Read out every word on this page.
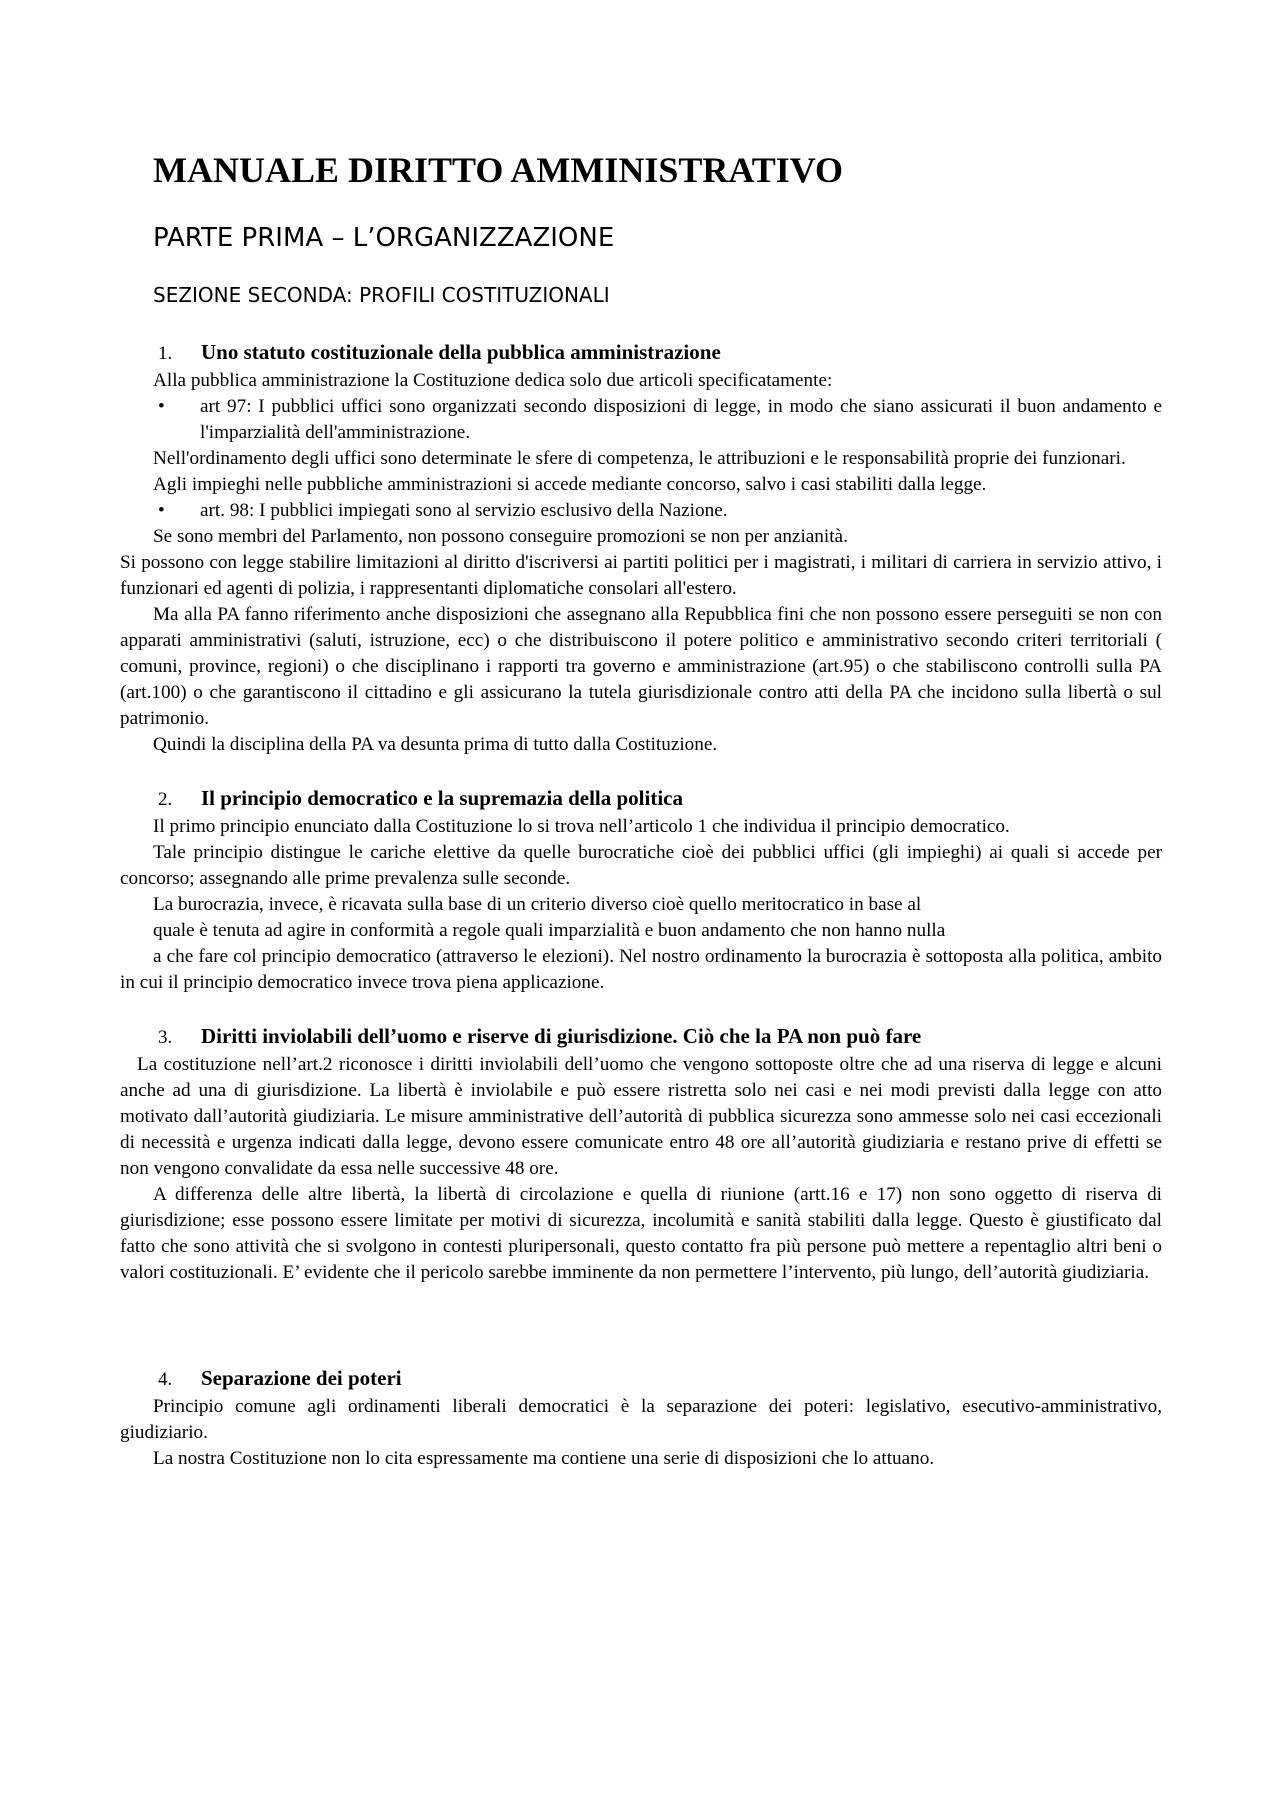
MANUALE DIRITTO AMMINISTRATIVO
PARTE PRIMA – L’ORGANIZZAZIONE
SEZIONE SECONDA: PROFILI COSTITUZIONALI
1.	Uno statuto costituzionale della pubblica amministrazione

Alla pubblica amministrazione la Costituzione dedica solo due articoli specificatamente:

•	art 97: I pubblici uffici sono organizzati secondo disposizioni di legge, in modo che siano assicurati il buon andamento e l'imparzialità dell'amministrazione.

Nell'ordinamento degli uffici sono determinate le sfere di competenza, le attribuzioni e le responsabilità proprie dei funzionari.

Agli impieghi nelle pubbliche amministrazioni si accede mediante concorso, salvo i casi stabiliti dalla legge.

•	art. 98: I pubblici impiegati sono al servizio esclusivo della Nazione.

Se sono membri del Parlamento, non possono conseguire promozioni se non per anzianità.

Si possono con legge stabilire limitazioni al diritto d'iscriversi ai partiti politici per i magistrati, i militari di carriera in servizio attivo, i funzionari ed agenti di polizia, i rappresentanti diplomatiche consolari all'estero.

Ma alla PA fanno riferimento anche disposizioni che assegnano alla Repubblica fini che non possono essere perseguiti se non con apparati amministrativi (saluti, istruzione, ecc) o che distribuiscono il potere politico e amministrativo secondo criteri territoriali ( comuni, province, regioni) o che disciplinano i rapporti tra governo e amministrazione (art.95) o che stabiliscono controlli sulla PA (art.100) o che garantiscono il cittadino e gli assicurano la tutela giurisdizionale contro atti della PA che incidono sulla libertà o sul patrimonio.

Quindi la disciplina della PA va desunta prima di tutto dalla Costituzione.

2.	Il principio democratico e la supremazia della politica

Il primo principio enunciato dalla Costituzione lo si trova nell’articolo 1 che individua il principio democratico.

Tale principio distingue le cariche elettive da quelle burocratiche cioè dei pubblici uffici (gli impieghi) ai quali si accede per concorso; assegnando alle prime prevalenza sulle seconde.

La burocrazia, invece, è ricavata sulla base di un criterio diverso cioè quello meritocratico in base al

quale è tenuta ad agire in conformità a regole quali imparzialità e buon andamento che non hanno nulla

a che fare col principio democratico (attraverso le elezioni). Nel nostro ordinamento la burocrazia è sottoposta alla politica, ambito in cui il principio democratico invece trova piena applicazione.

3.	Diritti inviolabili dell’uomo e riserve di giurisdizione. Ciò che la PA non può fare

La costituzione nell’art.2 riconosce i diritti inviolabili dell’uomo che vengono sottoposte oltre che ad una riserva di legge e alcuni anche ad una di giurisdizione. La libertà è inviolabile e può essere ristretta solo nei casi e nei modi previsti dalla legge con atto motivato dall’autorità giudiziaria. Le misure amministrative dell’autorità di pubblica sicurezza sono ammesse solo nei casi eccezionali di necessità e urgenza indicati dalla legge, devono essere comunicate entro 48 ore all’autorità giudiziaria e restano prive di effetti se non vengono convalidate da essa nelle successive 48 ore.

A differenza delle altre libertà, la libertà di circolazione e quella di riunione (artt.16 e 17) non sono oggetto di riserva di giurisdizione; esse possono essere limitate per motivi di sicurezza, incolumità e sanità stabiliti dalla legge. Questo è giustificato dal fatto che sono attività che si svolgono in contesti pluripersonali, questo contatto fra più persone può mettere a repentaglio altri beni o valori costituzionali. E’ evidente che il pericolo sarebbe imminente da non permettere l’intervento, più lungo, dell’autorità giudiziaria.

4.	Separazione dei poteri

Principio comune agli ordinamenti liberali democratici è la separazione dei poteri: legislativo, esecutivo-amministrativo, giudiziario.

La nostra Costituzione non lo cita espressamente ma contiene una serie di disposizioni che lo attuano.
